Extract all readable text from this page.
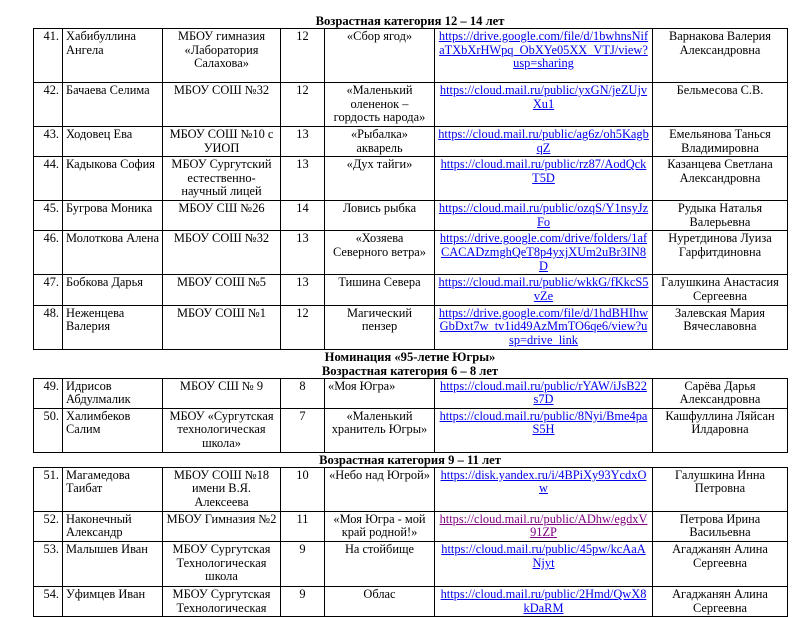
Возрастная категория 12 – 14 лет
41.	Хабибуллина Ангела	МБОУ гимназия «Лаборатория Салахова»	12	«Сбор ягод»	https://drive.google.com/file/d/1bwhnsNifaTXbXrHWpq_ObXYe05XX_VTJ/view?usp=sharing	Варнакова Валерия Александровна
42.	Бачаева Селима	МБОУ СОШ №32	12	«Маленький олененок – гордость народа»	https://cloud.mail.ru/public/yxGN/jeZUjvXu1	Бельмесова С.В.
43.	Ходовец Ева	МБОУ СОШ №10 с УИОП	13	«Рыбалка» акварель	https://cloud.mail.ru/public/ag6z/oh5KagbqZ	Емельянова Танься Владимировна
44.	Кадыкова София	МБОУ Сургутский естественно-научный лицей	13	«Дух тайги»	https://cloud.mail.ru/public/rz87/AodQckT5D	Казанцева Светлана Александровна
45.	Бугрова Моника	МБОУ СШ №26	14	Ловись рыбка	https://cloud.mail.ru/public/ozqS/Y1nsyJzFo	Рудыка Наталья Валерьевна
46.	Молоткова Алена	МБОУ СОШ №32	13	«Хозяева Северного ветра»	https://drive.google.com/drive/folders/1afCACADzmghQeT8p4yxjXUm2uBr3IN8D	Нуретдинова Луиза Гарфитдиновна
47.	Бобкова Дарья	МБОУ СОШ №5	13	Тишина Севера	https://cloud.mail.ru/public/wkkG/fKkcS5vZe	Галушкина Анастасия Сергеевна
48.	Неженцева Валерия	МБОУ СОШ №1	12	Магический пензер	https://drive.google.com/file/d/1hdBHIhwGbDxt7w_tv1id49AzMmTO6qe6/view?usp=drive_link	Залевская Мария Вячеславовна
Номинация «95-летие Югры»
Возрастная категория 6 – 8 лет
49.	Идрисов Абдулмалик	МБОУ СШ № 9	8	«Моя Югра»	https://cloud.mail.ru/public/rYAW/iJsB22s7D	Сарёва Дарья Александровна
50.	Халимбеков Салим	МБОУ «Сургутская технологическая школа»	7	«Маленький хранитель Югры»	https://cloud.mail.ru/public/8Nyi/Bme4paS5H	Кашфуллина Ляйсан Илдаровна
Возрастная категория 9 – 11 лет
51.	Магамедова Таибат	МБОУ СОШ №18 имени В.Я. Алексеева	10	«Небо над Югрой»	https://disk.yandex.ru/i/4BPiXy93YcdxOw	Галушкина Инна Петровна
52.	Наконечный Александр	МБОУ Гимназия №2	11	«Моя Югра - мой край родной!»	https://cloud.mail.ru/public/ADhw/egdxV91ZP	Петрова Ирина Васильевна
53.	Малышев Иван	МБОУ Сургутская Технологическая школа	9	На стойбище	https://cloud.mail.ru/public/45pw/kcAaANjyt	Агаджанян Алина Сергеевна
54.	Уфимцев Иван	МБОУ Сургутская Технологическая	9	Облас	https://cloud.mail.ru/public/2Hmd/QwX8kDaRM	Агаджанян Алина Сергеевна
